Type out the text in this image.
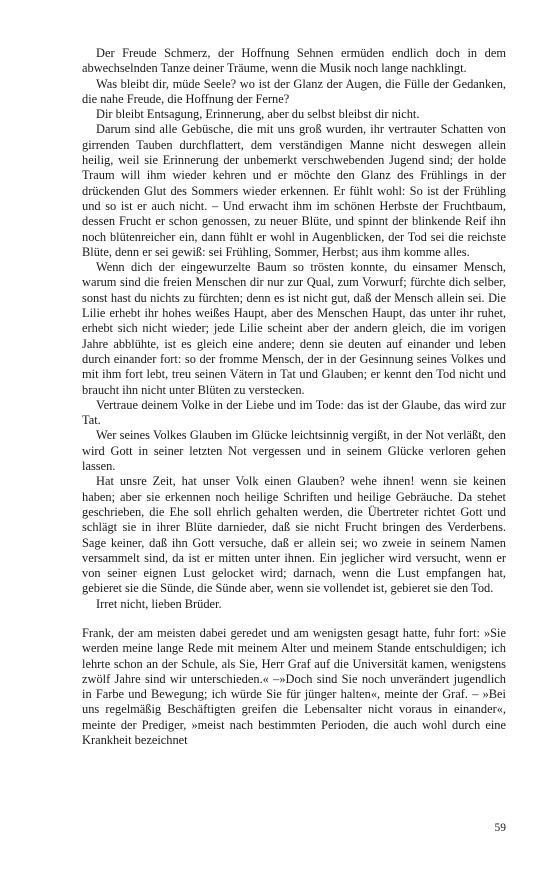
Der Freude Schmerz, der Hoffnung Sehnen ermüden endlich doch in dem abwechselnden Tanze deiner Träume, wenn die Musik noch lange nachklingt.

Was bleibt dir, müde Seele? wo ist der Glanz der Augen, die Fülle der Gedanken, die nahe Freude, die Hoffnung der Ferne?

Dir bleibt Entsagung, Erinnerung, aber du selbst bleibst dir nicht.

Darum sind alle Gebüsche, die mit uns groß wurden, ihr vertrauter Schatten von girrenden Tauben durchflattert, dem verständigen Manne nicht deswegen allein heilig, weil sie Erinnerung der unbemerkt verschwebenden Jugend sind; der holde Traum will ihm wieder kehren und er möchte den Glanz des Frühlings in der drückenden Glut des Sommers wieder erkennen. Er fühlt wohl: So ist der Frühling und so ist er auch nicht. – Und erwacht ihm im schönen Herbste der Fruchtbaum, dessen Frucht er schon genossen, zu neuer Blüte, und spinnt der blinkende Reif ihn noch blütenreicher ein, dann fühlt er wohl in Augenblicken, der Tod sei die reichste Blüte, denn er sei gewiß: sei Frühling, Sommer, Herbst; aus ihm komme alles.

Wenn dich der eingewurzelte Baum so trösten konnte, du einsamer Mensch, warum sind die freien Menschen dir nur zur Qual, zum Vorwurf; fürchte dich selber, sonst hast du nichts zu fürchten; denn es ist nicht gut, daß der Mensch allein sei. Die Lilie erhebt ihr hohes weißes Haupt, aber des Menschen Haupt, das unter ihr ruhet, erhebt sich nicht wieder; jede Lilie scheint aber der andern gleich, die im vorigen Jahre abblühte, ist es gleich eine andere; denn sie deuten auf einander und leben durch einander fort: so der fromme Mensch, der in der Gesinnung seines Volkes und mit ihm fort lebt, treu seinen Vätern in Tat und Glauben; er kennt den Tod nicht und braucht ihn nicht unter Blüten zu verstecken.

Vertraue deinem Volke in der Liebe und im Tode: das ist der Glaube, das wird zur Tat.

Wer seines Volkes Glauben im Glücke leichtsinnig vergißt, in der Not verläßt, den wird Gott in seiner letzten Not vergessen und in seinem Glücke verloren gehen lassen.

Hat unsre Zeit, hat unser Volk einen Glauben? wehe ihnen! wenn sie keinen haben; aber sie erkennen noch heilige Schriften und heilige Gebräuche. Da stehet geschrieben, die Ehe soll ehrlich gehalten werden, die Übertreter richtet Gott und schlägt sie in ihrer Blüte darnieder, daß sie nicht Frucht bringen des Verderbens. Sage keiner, daß ihn Gott versuche, daß er allein sei; wo zweie in seinem Namen versammelt sind, da ist er mitten unter ihnen. Ein jeglicher wird versucht, wenn er von seiner eignen Lust gelocket wird; darnach, wenn die Lust empfangen hat, gebieret sie die Sünde, die Sünde aber, wenn sie vollendet ist, gebieret sie den Tod.

Irret nicht, lieben Brüder.

Frank, der am meisten dabei geredet und am wenigsten gesagt hatte, fuhr fort: »Sie werden meine lange Rede mit meinem Alter und meinem Stande entschuldigen; ich lehrte schon an der Schule, als Sie, Herr Graf auf die Universität kamen, wenigstens zwölf Jahre sind wir unterschieden.« –»Doch sind Sie noch unverändert jugendlich in Farbe und Bewegung; ich würde Sie für jünger halten«, meinte der Graf. – »Bei uns regelmäßig Beschäftigten greifen die Lebensalter nicht voraus in einander«, meinte der Prediger, »meist nach bestimmten Perioden, die auch wohl durch eine Krankheit bezeichnet

59
